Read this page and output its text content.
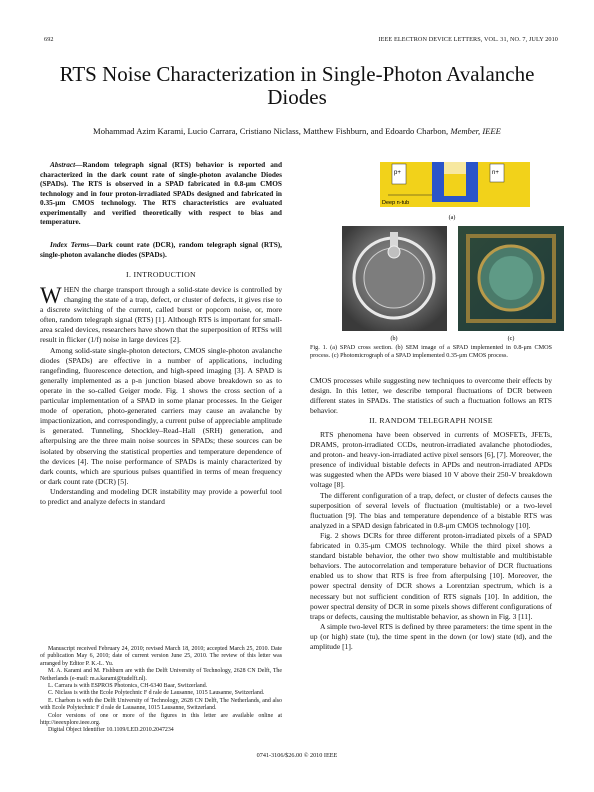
692	IEEE ELECTRON DEVICE LETTERS, VOL. 31, NO. 7, JULY 2010
RTS Noise Characterization in Single-Photon Avalanche Diodes
Mohammad Azim Karami, Lucio Carrara, Cristiano Niclass, Matthew Fishburn, and Edoardo Charbon, Member, IEEE
Abstract—Random telegraph signal (RTS) behavior is reported and characterized in the dark count rate of single-photon avalanche Diodes (SPADs). The RTS is observed in a SPAD fabricated in 0.8-μm CMOS technology and in four proton-irradiated SPADs designed and fabricated in 0.35-μm CMOS technology. The RTS characteristics are evaluated experimentally and verified theoretically with respect to bias and temperature.
Index Terms—Dark count rate (DCR), random telegraph signal (RTS), single-photon avalanche diodes (SPADs).
I. INTRODUCTION

WHEN the charge transport through a solid-state device is controlled by changing the state of a trap, defect, or cluster of defects, it gives rise to a discrete switching of the current, called burst or popcorn noise, or, more often, random telegraph signal (RTS) [1]. Although RTS is important for small-area scaled devices, researchers have shown that the superposition of RTSs will result in flicker (1/f) noise in large devices [2].

Among solid-state single-photon detectors, CMOS single-photon avalanche diodes (SPADs) are effective in a number of applications, including rangefinding, fluorescence detection, and high-speed imaging [3]. A SPAD is generally implemented as a p-n junction biased above breakdown so as to operate in the so-called Geiger mode. Fig. 1 shows the cross section of a particular implementation of a SPAD in some planar processes. In the Geiger mode of operation, photo-generated carriers may cause an avalanche by impactionization, and correspondingly, a current pulse of appreciable amplitude is generated. Tunneling, Shockley–Read–Hall (SRH) generation, and afterpulsing are the three main noise sources in SPADs; these sources can be isolated by observing the statistical properties and temperature dependence of the devices [4]. The noise performance of SPADs is mainly characterized by dark counts, which are spurious pulses quantified in terms of mean frequency or dark count rate (DCR) [5].

Understanding and modeling DCR instability may provide a powerful tool to predict and analyze defects in standard

Manuscript received February 24, 2010; revised March 18, 2010; accepted March 25, 2010. Date of publication May 6, 2010; date of current version June 25, 2010. The review of this letter was arranged by Editor P. K.-L. Yu.

M. A. Karami and M. Fishburn are with the Delft University of Technology, 2628 CN Delft, The Netherlands (e-mail: m.a.karami@tudelft.nl).

L. Carrara is with ESPROS Photonics, CH-6340 Baar, Switzerland.

C. Niclass is with the Ecole Polytechnic F d rale de Lausanne, 1015 Lausanne, Switzerland.

E. Charbon is with the Delft University of Technology, 2628 CN Delft, The Netherlands, and also with Ecole Polytechnic F d rale de Lausanne, 1015 Lausanne, Switzerland.

Color versions of one or more of the figures in this letter are available online at http://ieeexplore.ieee.org.

Digital Object Identifier 10.1109/LED.2010.2047234

p+	n+
Deep n-tub
(a)
(b)	(c)
Fig. 1. (a) SPAD cross section. (b) SEM image of a SPAD implemented in 0.8-μm CMOS process. (c) Photomicrograph of a SPAD implemented 0.35-μm CMOS process.

CMOS processes while suggesting new techniques to overcome their effects by design. In this letter, we describe temporal fluctuations of DCR between different states in SPADs. The statistics of such a fluctuation follows an RTS behavior.

II. RANDOM TELEGRAPH NOISE

RTS phenomena have been observed in currents of MOSFETs, JFETs, DRAMS, proton-irradiated CCDs, neutron-irradiated avalanche photodiodes, and proton- and heavy-ion-irradiated active pixel sensors [6], [7]. Moreover, the presence of individual bistable defects in APDs and neutron-irradiated APDs was suggested when the APDs were biased 10 V above their 250-V breakdown voltage [8].

The different configuration of a trap, defect, or cluster of defects causes the superposition of several levels of fluctuation (multistable) or a two-level fluctuation [9]. The bias and temperature dependence of a bistable RTS was analyzed in a SPAD design fabricated in 0.8-μm CMOS technology [10].

Fig. 2 shows DCRs for three different proton-irradiated pixels of a SPAD fabricated in 0.35-μm CMOS technology. While the third pixel shows a standard bistable behavior, the other two show multistable and multibistable behaviors. The autocorrelation and temperature behavior of DCR fluctuations enabled us to show that RTS is free from afterpulsing [10]. Moreover, the power spectral density of DCR shows a Lorentzian spectrum, which is a necessary but not sufficient condition of RTS signals [10]. In addition, the power spectral density of DCR in some pixels shows different configurations of traps or defects, causing the multistable behavior, as shown in Fig. 3 [11].

A simple two-level RTS is defined by three parameters: the time spent in the up (or high) state (tu), the time spent in the down (or low) state (td), and the amplitude [1].

0741-3106/$26.00 © 2010 IEEE
